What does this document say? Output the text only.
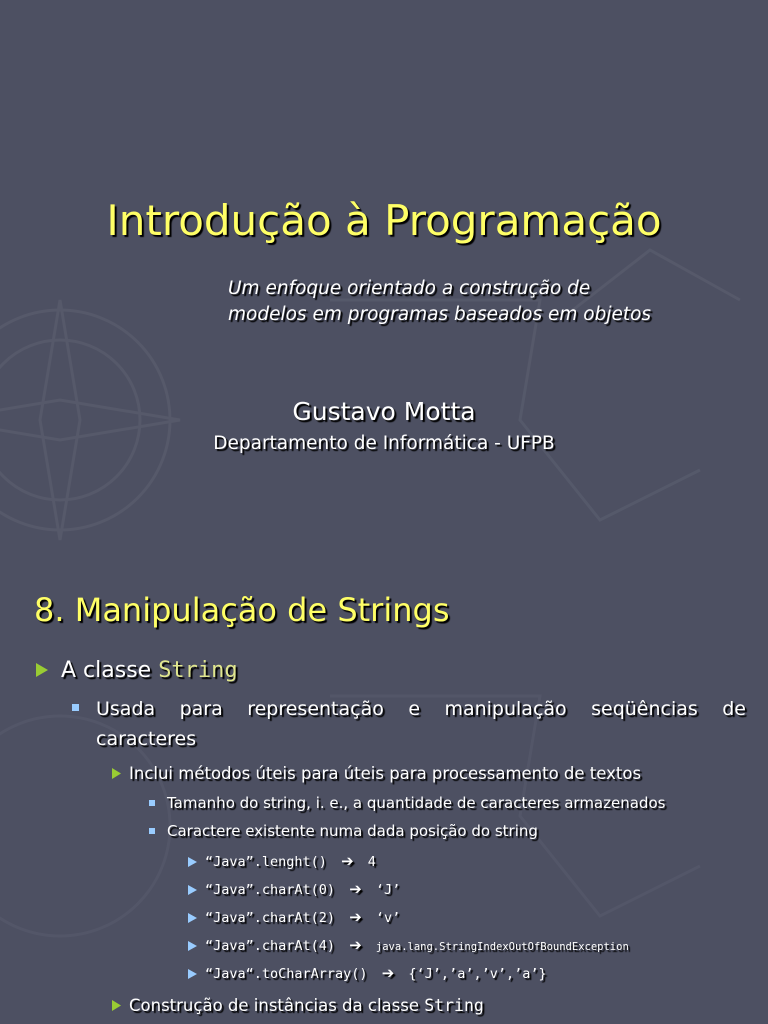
Introdução à Programação
Um enfoque orientado a construção de
modelos em programas baseados em objetos
Gustavo Motta
Departamento de Informática - UFPB
8. Manipulação de Strings
A classe String
Usada para representação e manipulação seqüências de
caracteres
Inclui métodos úteis para úteis para processamento de textos
Tamanho do string, i. e., a quantidade de caracteres armazenados
Caractere existente numa dada posição do string
“Java”.lenght() ➔ 4
“Java”.charAt(0) ➔ ‘J’
“Java”.charAt(2) ➔ ‘v’
“Java”.charAt(4) ➔ java.lang.StringIndexOutOfBoundException
“Java“.toCharArray() ➔ {‘J’,’a’,’v’,’a’}
Construção de instâncias da classe String
